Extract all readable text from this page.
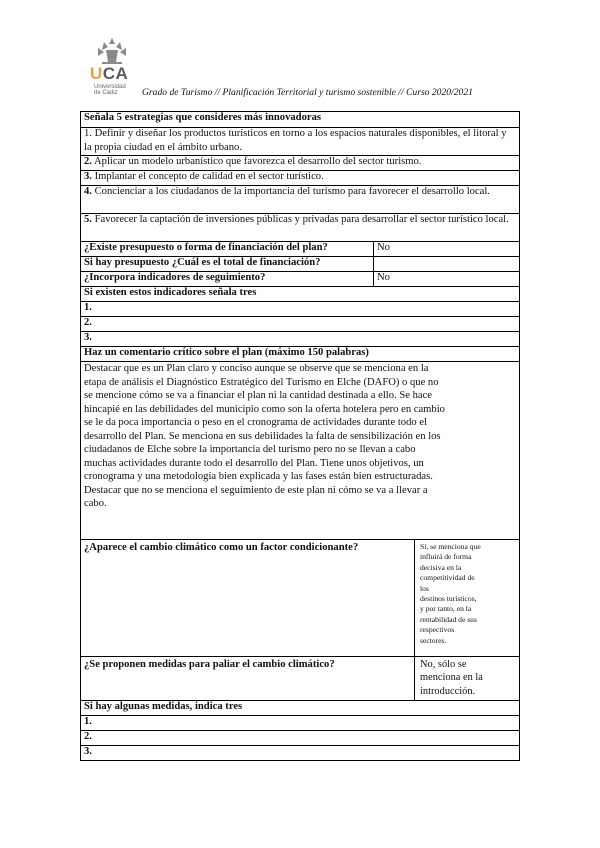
UCA
Universidad
de Cádiz	Grado de Turismo // Planificación Territorial y turismo sostenible // Curso 2020/2021
Señala 5 estrategias que consideres más innovadoras
1. Definir y diseñar los productos turísticos en torno a los espacios naturales disponibles, el litoral y la propia ciudad en el ámbito urbano.
2. Aplicar un modelo urbanístico que favorezca el desarrollo del sector turismo.
3. Implantar el concepto de calidad en el sector turístico.
4. Concienciar a los ciudadanos de la importancia del turismo para favorecer el desarrollo local.
5. Favorecer la captación de inversiones públicas y privadas para desarrollar el sector turístico local.
¿Existe presupuesto o forma de financiación del plan?	No
Si hay presupuesto ¿Cuál es el total de financiación?
¿Incorpora indicadores de seguimiento?	No
Si existen estos indicadores señala tres
1.
2.
3.
Haz un comentario crítico sobre el plan (máximo 150 palabras)
Destacar que es un Plan claro y conciso aunque se observe que se menciona en la
etapa de análisis el Diagnóstico Estratégico del Turismo en Elche (DAFO) o que no
se mencione cómo se va a financiar el plan ni la cantidad destinada a ello. Se hace
hincapié en las debilidades del municipio como son la oferta hotelera pero en cambio
se le da poca importancia o peso en el cronograma de actividades durante todo el
desarrollo del Plan. Se menciona en sus debilidades la falta de sensibilización en los
ciudadanos de Elche sobre la importancia del turismo pero no se llevan a cabo
muchas actividades durante todo el desarrollo del Plan. Tiene unos objetivos, un
cronograma y una metodología bien explicada y las fases están bien estructuradas.
Destacar que no se menciona el seguimiento de este plan ni cómo se va a llevar a
cabo.
¿Aparece el cambio climático como un factor condicionante?	Sí, se menciona que
influirá de forma
decisiva en la
competitividad de
los
destinos turísticos,
y por tanto, en la
rentabilidad de sus
respectivos
sectores.
¿Se proponen medidas para paliar el cambio climático?	No, sólo se
menciona en la
introducción.
Si hay algunas medidas, indica tres
1.
2.
3.
